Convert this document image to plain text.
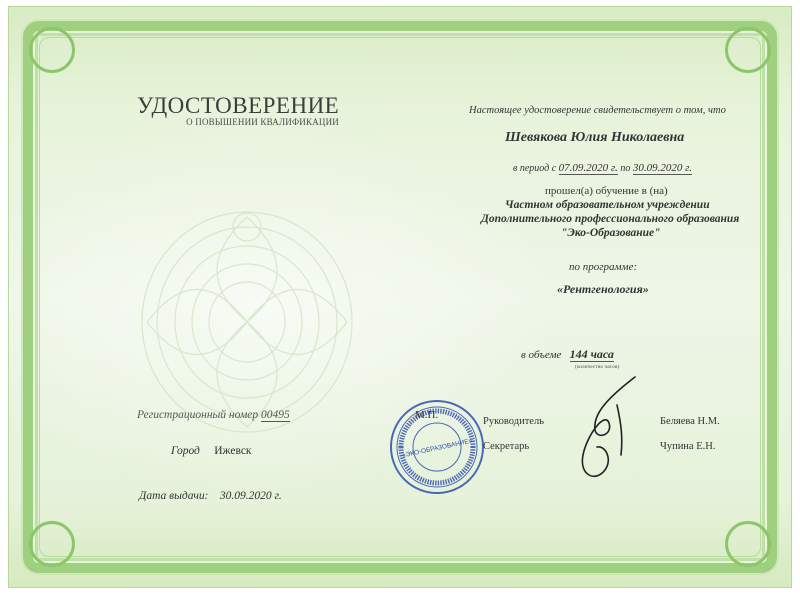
УДОСТОВЕРЕНИЕ
О ПОВЫШЕНИИ КВАЛИФИКАЦИИ
Настоящее удостоверение свидетельствует о том, что
Шевякова Юлия Николаевна
в период с 07.09.2020 г. по 30.09.2020 г.
прошел(а) обучение в (на)
Частном образовательном учреждении
Дополнительного профессионального образования
"Эко-Образование"
по программе:
«Рентгенология»
в объеме 144 часа
(количество часов)
Регистрационный номер 00495
Город Ижевск
Дата выдачи: 30.09.2020 г.
«ЭКО-ОБРАЗОВАНИЕ»
М.П.
Руководитель
Секретарь
Беляева Н.М.
Чупина Е.Н.
